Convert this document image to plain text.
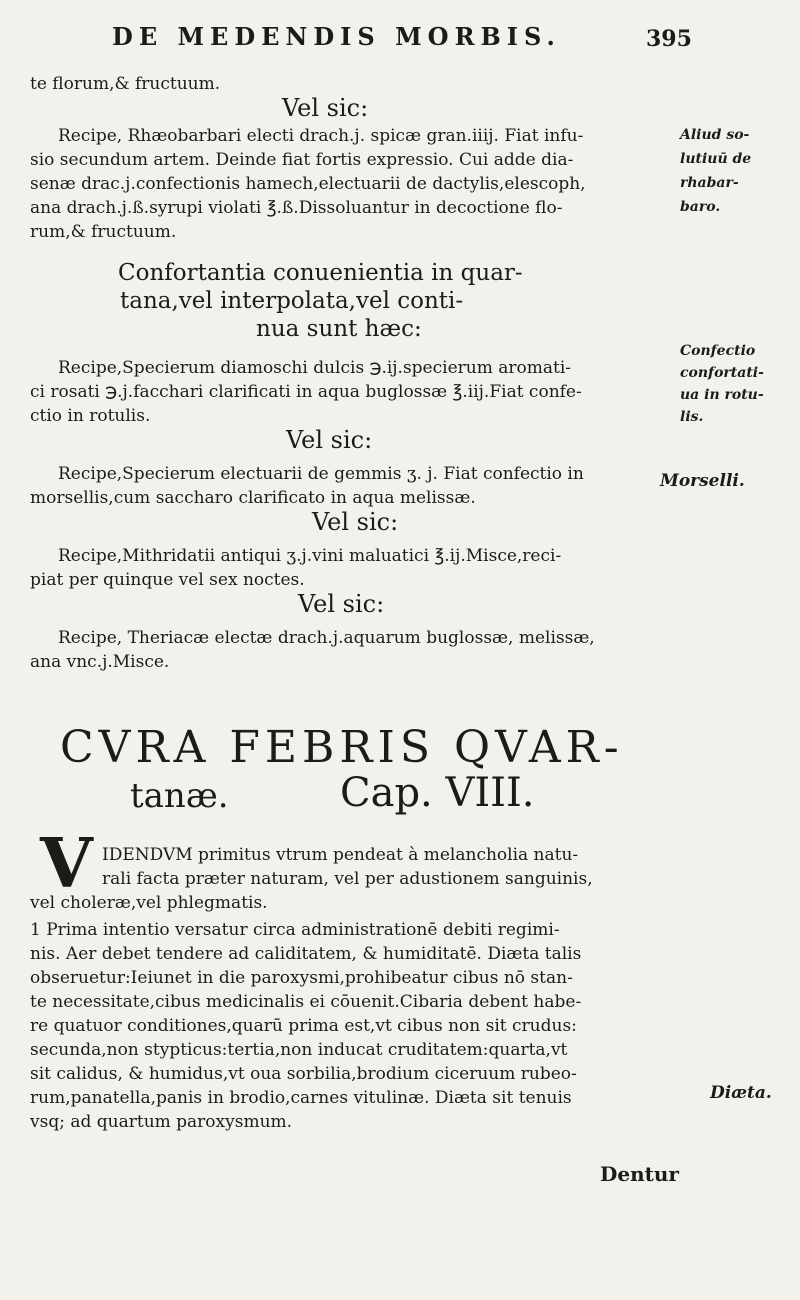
DE MEDENDIS MORBIS.	395
te florum,& fructuum.
Vel sic:
Recipe, Rhæobarbari electi drach.j. spicæ gran.iiij. Fiat infu-
sio secundum artem. Deinde fiat fortis expressio. Cui adde dia-
senæ drac.j.confectionis hamech,electuarii de dactylis,elescoph,
ana drach.j.ß.syrupi violati ℥.ß.Dissoluantur in decoctione flo-
rum,& fructuum.
Confortantia conuenientia in quar-
tana,vel interpolata,vel conti-
nua sunt hæc:
Recipe,Specierum diamoschi dulcis ℈.ij.specierum aromati-
ci rosati ℈.j.facchari clarificati in aqua buglossæ ℥.iij.Fiat confe-
ctio in rotulis.
Vel sic:
Recipe,Specierum electuarii de gemmis ʒ. j. Fiat confectio in
morsellis,cum saccharo clarificato in aqua melissæ.
Vel sic:
Recipe,Mithridatii antiqui ʒ.j.vini maluatici ℥.ij.Misce,reci-
piat per quinque vel sex noctes.
Vel sic:
Recipe, Theriacæ electæ drach.j.aquarum buglossæ, melissæ,
ana vnc.j.Misce.
CVRA FEBRIS QVAR-
tanæ.	Cap. VIII.
V IDENDVM primitus vtrum pendeat à melancholia natu-
rali facta præter naturam, vel per adustionem sanguinis,
vel choleræ,vel phlegmatis.
1 Prima intentio versatur circa administrationē debiti regimi-
nis. Aer debet tendere ad caliditatem, & humiditatē. Diæta talis
obseruetur:Ieiunet in die paroxysmi,prohibeatur cibus nō stan-
te necessitate,cibus medicinalis ei cōuenit.Cibaria debent habe-
re quatuor conditiones,quarū prima est,vt cibus non sit crudus:
secunda,non stypticus:tertia,non inducat cruditatem:quarta,vt
sit calidus, & humidus,vt oua sorbilia,brodium ciceruum rubeo-
rum,panatella,panis in brodio,carnes vitulinæ. Diæta sit tenuis
vsq; ad quartum paroxysmum.
Aliud so-
lutiuū de
rhabar-
baro.
Confectio
confortati-
ua in rotu-
lis.
Morselli.
Diæta.
Dentur
